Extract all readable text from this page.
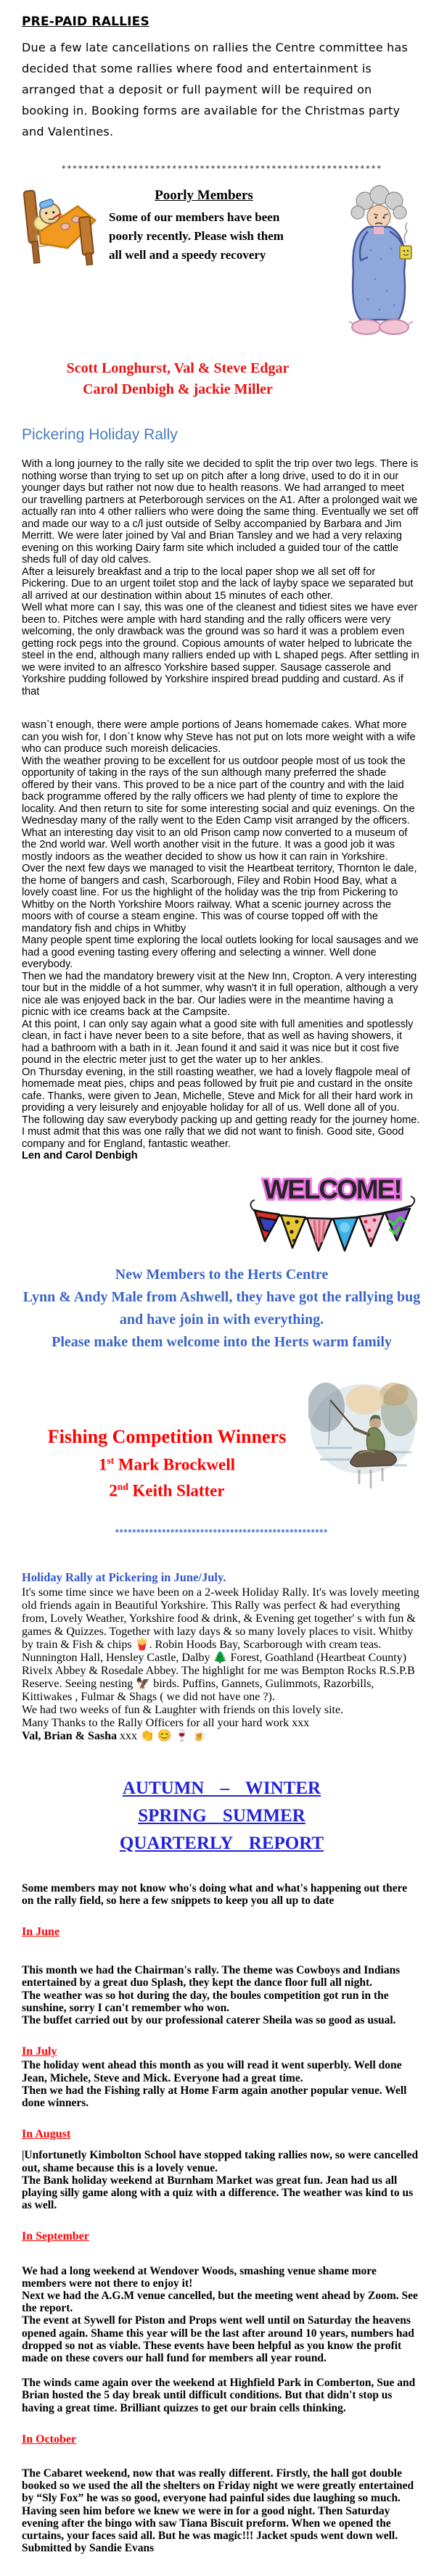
PRE-PAID RALLIES
Due a few late cancellations on rallies the Centre committee has decided that some rallies where food and entertainment is arranged that a deposit or full payment will be required on booking in. Booking forms are available for the Christmas party and Valentines.
**********************************************************
Poorly Members
Some of our members have been poorly recently. Please wish them all well and a speedy recovery
Scott Longhurst, Val & Steve Edgar
Carol Denbigh & jackie Miller
Pickering Holiday Rally

With a long journey to the rally site we decided to split the trip over two legs. There is nothing worse than trying to set up on pitch after a long drive, used to do it in our younger days but rather not now due to health reasons. We had arranged to meet our travelling partners at Peterborough services on the A1. After a prolonged wait we actually ran into 4 other ralliers who were doing the same thing. Eventually we set off and made our way to a c/l just outside of Selby accompanied by Barbara and Jim Merritt. We were later joined by Val and Brian Tansley and we had a very relaxing evening on this working Dairy farm site which included a guided tour of the cattle sheds full of day old calves.

After a leisurely breakfast and a trip to the local paper shop we all set off for Pickering. Due to an urgent toilet stop and the lack of layby space we separated but all arrived at our destination within about 15 minutes of each other.

Well what more can I say, this was one of the cleanest and tidiest sites we have ever been to. Pitches were ample with hard standing and the rally officers were very welcoming, the only drawback was the ground was so hard it was a problem even getting rock pegs into the ground. Copious amounts of water helped to lubricate the steel in the end, although many ralliers ended up with L shaped pegs. After settling in we were invited to an alfresco Yorkshire based supper. Sausage casserole and Yorkshire pudding followed by Yorkshire inspired bread pudding and custard. As if that

wasn`t enough, there were ample portions of Jeans homemade cakes. What more can you wish for, I don`t know why Steve has not put on lots more weight with a wife who can produce such moreish delicacies.

With the weather proving to be excellent for us outdoor people most of us took the opportunity of taking in the rays of the sun although many preferred the shade offered by their vans. This proved to be a nice part of the country and with the laid back programme offered by the rally officers we had plenty of time to explore the locality. And then return to site for some interesting social and quiz evenings. On the Wednesday many of the rally went to the Eden Camp visit arranged by the officers. What an interesting day visit to an old Prison camp now converted to a museum of the 2nd world war. Well worth another visit in the future. It was a good job it was mostly indoors as the weather decided to show us how it can rain in Yorkshire.

Over the next few days we managed to visit the Heartbeat territory, Thornton le dale, the home of bangers and cash, Scarborough, Filey and Robin Hood Bay, what a lovely coast line. For us the highlight of the holiday was the trip from Pickering to Whitby on the North Yorkshire Moors railway. What a scenic journey across the moors with of course a steam engine. This was of course topped off with the mandatory fish and chips in Whitby

Many people spent time exploring the local outlets looking for local sausages and we had a good evening tasting every offering and selecting a winner. Well done everybody.

Then we had the mandatory brewery visit at the New Inn, Cropton. A very interesting tour but in the middle of a hot summer, why wasn't it in full operation, although a very nice ale was enjoyed back in the bar. Our ladies were in the meantime having a picnic with ice creams back at the Campsite.

At this point, I can only say again what a good site with full amenities and spotlessly clean, in fact i have never been to a site before, that as well as having showers, it had a bathroom with a bath in it. Jean found it and said it was nice but it cost five pound in the electric meter just to get the water up to her ankles.

On Thursday evening, in the still roasting weather, we had a lovely flagpole meal of homemade meat pies, chips and peas followed by fruit pie and custard in the onsite cafe. Thanks, were given to Jean, Michelle, Steve and Mick for all their hard work in providing a very leisurely and enjoyable holiday for all of us. Well done all of you.

The following day saw everybody packing up and getting ready for the journey home. I must admit that this was one rally that we did not want to finish. Good site, Good company and for England, fantastic weather.

Len and Carol Denbigh

WELCOME!
New Members to the Herts Centre
Lynn & Andy Male from Ashwell, they have got the rallying bug and have join in with everything.
Please make them welcome into the Herts warm family
Fishing Competition Winners
1st Mark Brockwell
2nd Keith Slatter
**************************************************
Holiday Rally at Pickering in June/July.

It's some time since we have been on a 2-week Holiday Rally. It's was lovely meeting old friends again in Beautiful Yorkshire. This Rally was perfect & had everything from, Lovely Weather, Yorkshire food & drink, & Evening get together' s with fun & games & Quizzes. Together with lazy days & so many lovely places to visit. Whitby by train & Fish & chips 🍟. Robin Hoods Bay, Scarborough with cream teas. Nunnington Hall, Hensley Castle, Dalby 🌲 Forest, Goathland (Heartbeat County) Rivelx Abbey & Rosedale Abbey. The highlight for me was Bempton Rocks R.S.P.B Reserve. Seeing nesting 🦅 birds. Puffins, Gannets, Gulimmots, Razorbills, Kittiwakes , Fulmar & Shags ( we did not have one ?).

We had two weeks of fun & Laughter with friends on this lovely site.

Many Thanks to the Rally Officers for all your hard work xxx

Val, Brian & Sasha xxx 👏 😊 🍷 🍺

AUTUMN – WINTER
SPRING SUMMER
QUARTERLY REPORT

Some members may not know who's doing what and what's happening out there on the rally field, so here a few snippets to keep you all up to date

In June

This month we had the Chairman's rally. The theme was Cowboys and Indians entertained by a great duo Splash, they kept the dance floor full all night.

The weather was so hot during the day, the boules competition got run in the sunshine, sorry I can't remember who won.

The buffet carried out by our professional caterer Sheila was so good as usual.

In July

The holiday went ahead this month as you will read it went superbly. Well done Jean, Michele, Steve and Mick. Everyone had a great time.

Then we had the Fishing rally at Home Farm again another popular venue. Well done winners.

In August

|Unfortunetly Kimbolton School have stopped taking rallies now, so were cancelled out, shame because this is a lovely venue.

The Bank holiday weekend at Burnham Market was great fun. Jean had us all playing silly game along with a quiz with a difference. The weather was kind to us as well.

In September

We had a long weekend at Wendover Woods, smashing venue shame more members were not there to enjoy it!

Next we had the A.G.M venue cancelled, but the meeting went ahead by Zoom. See the report.

The event at Sywell for Piston and Props went well until on Saturday the heavens opened again. Shame this year will be the last after around 10 years, numbers had dropped so not as viable. These events have been helpful as you know the profit made on these covers our hall fund for members all year round.

The winds came again over the weekend at Highfield Park in Comberton, Sue and Brian hosted the 5 day break until difficult conditions. But that didn't stop us having a great time. Brilliant quizzes to get our brain cells thinking.

In October

The Cabaret weekend, now that was really different. Firstly, the hall got double booked so we used the all the shelters on Friday night we were greatly entertained by “Sly Fox” he was so good, everyone had painful sides due laughing so much. Having seen him before we knew we were in for a good night. Then Saturday evening after the bingo with saw Tiana Biscuit preform. When we opened the curtains, your faces said all. But he was magic!!! Jacket spuds went down well.

Submitted by Sandie Evans
